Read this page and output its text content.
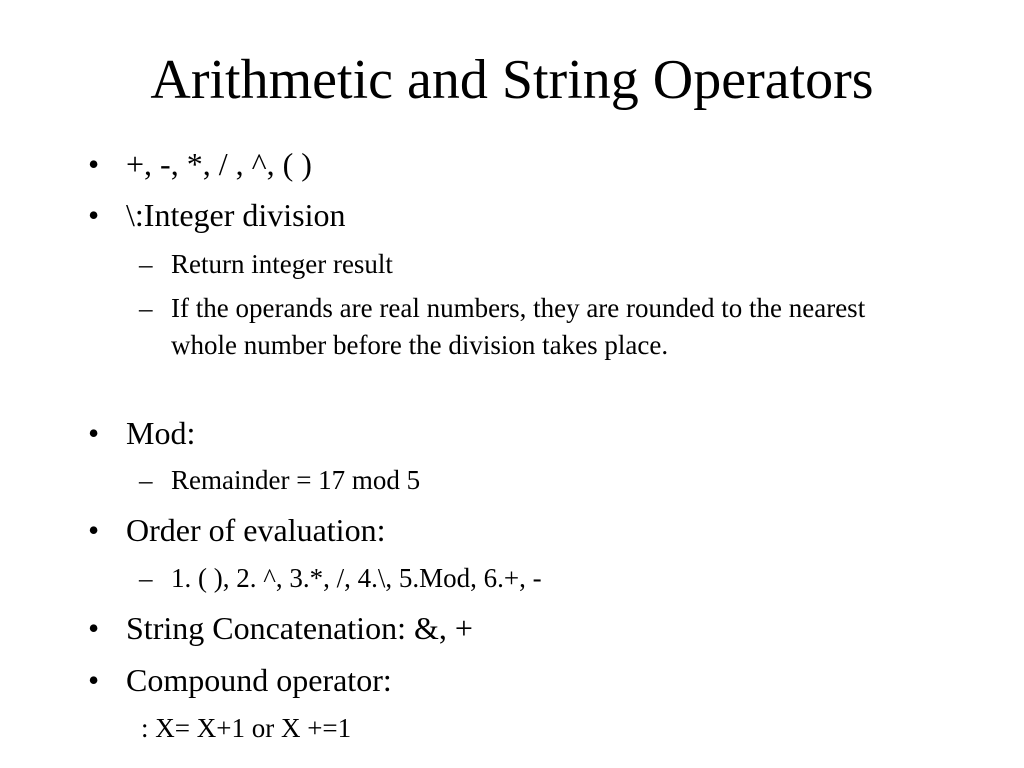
Arithmetic and String Operators
• +, -, *, / , ^, ( )
• \:Integer division
– Return integer result
– If the operands are real numbers, they are rounded to the nearest whole number before the division takes place.
• Mod:
– Remainder = 17 mod 5
• Order of evaluation:
– 1. ( ), 2. ^, 3.*, /, 4.\, 5.Mod, 6.+, -
• String Concatenation: &, +
• Compound operator:
: X= X+1 or X +=1
